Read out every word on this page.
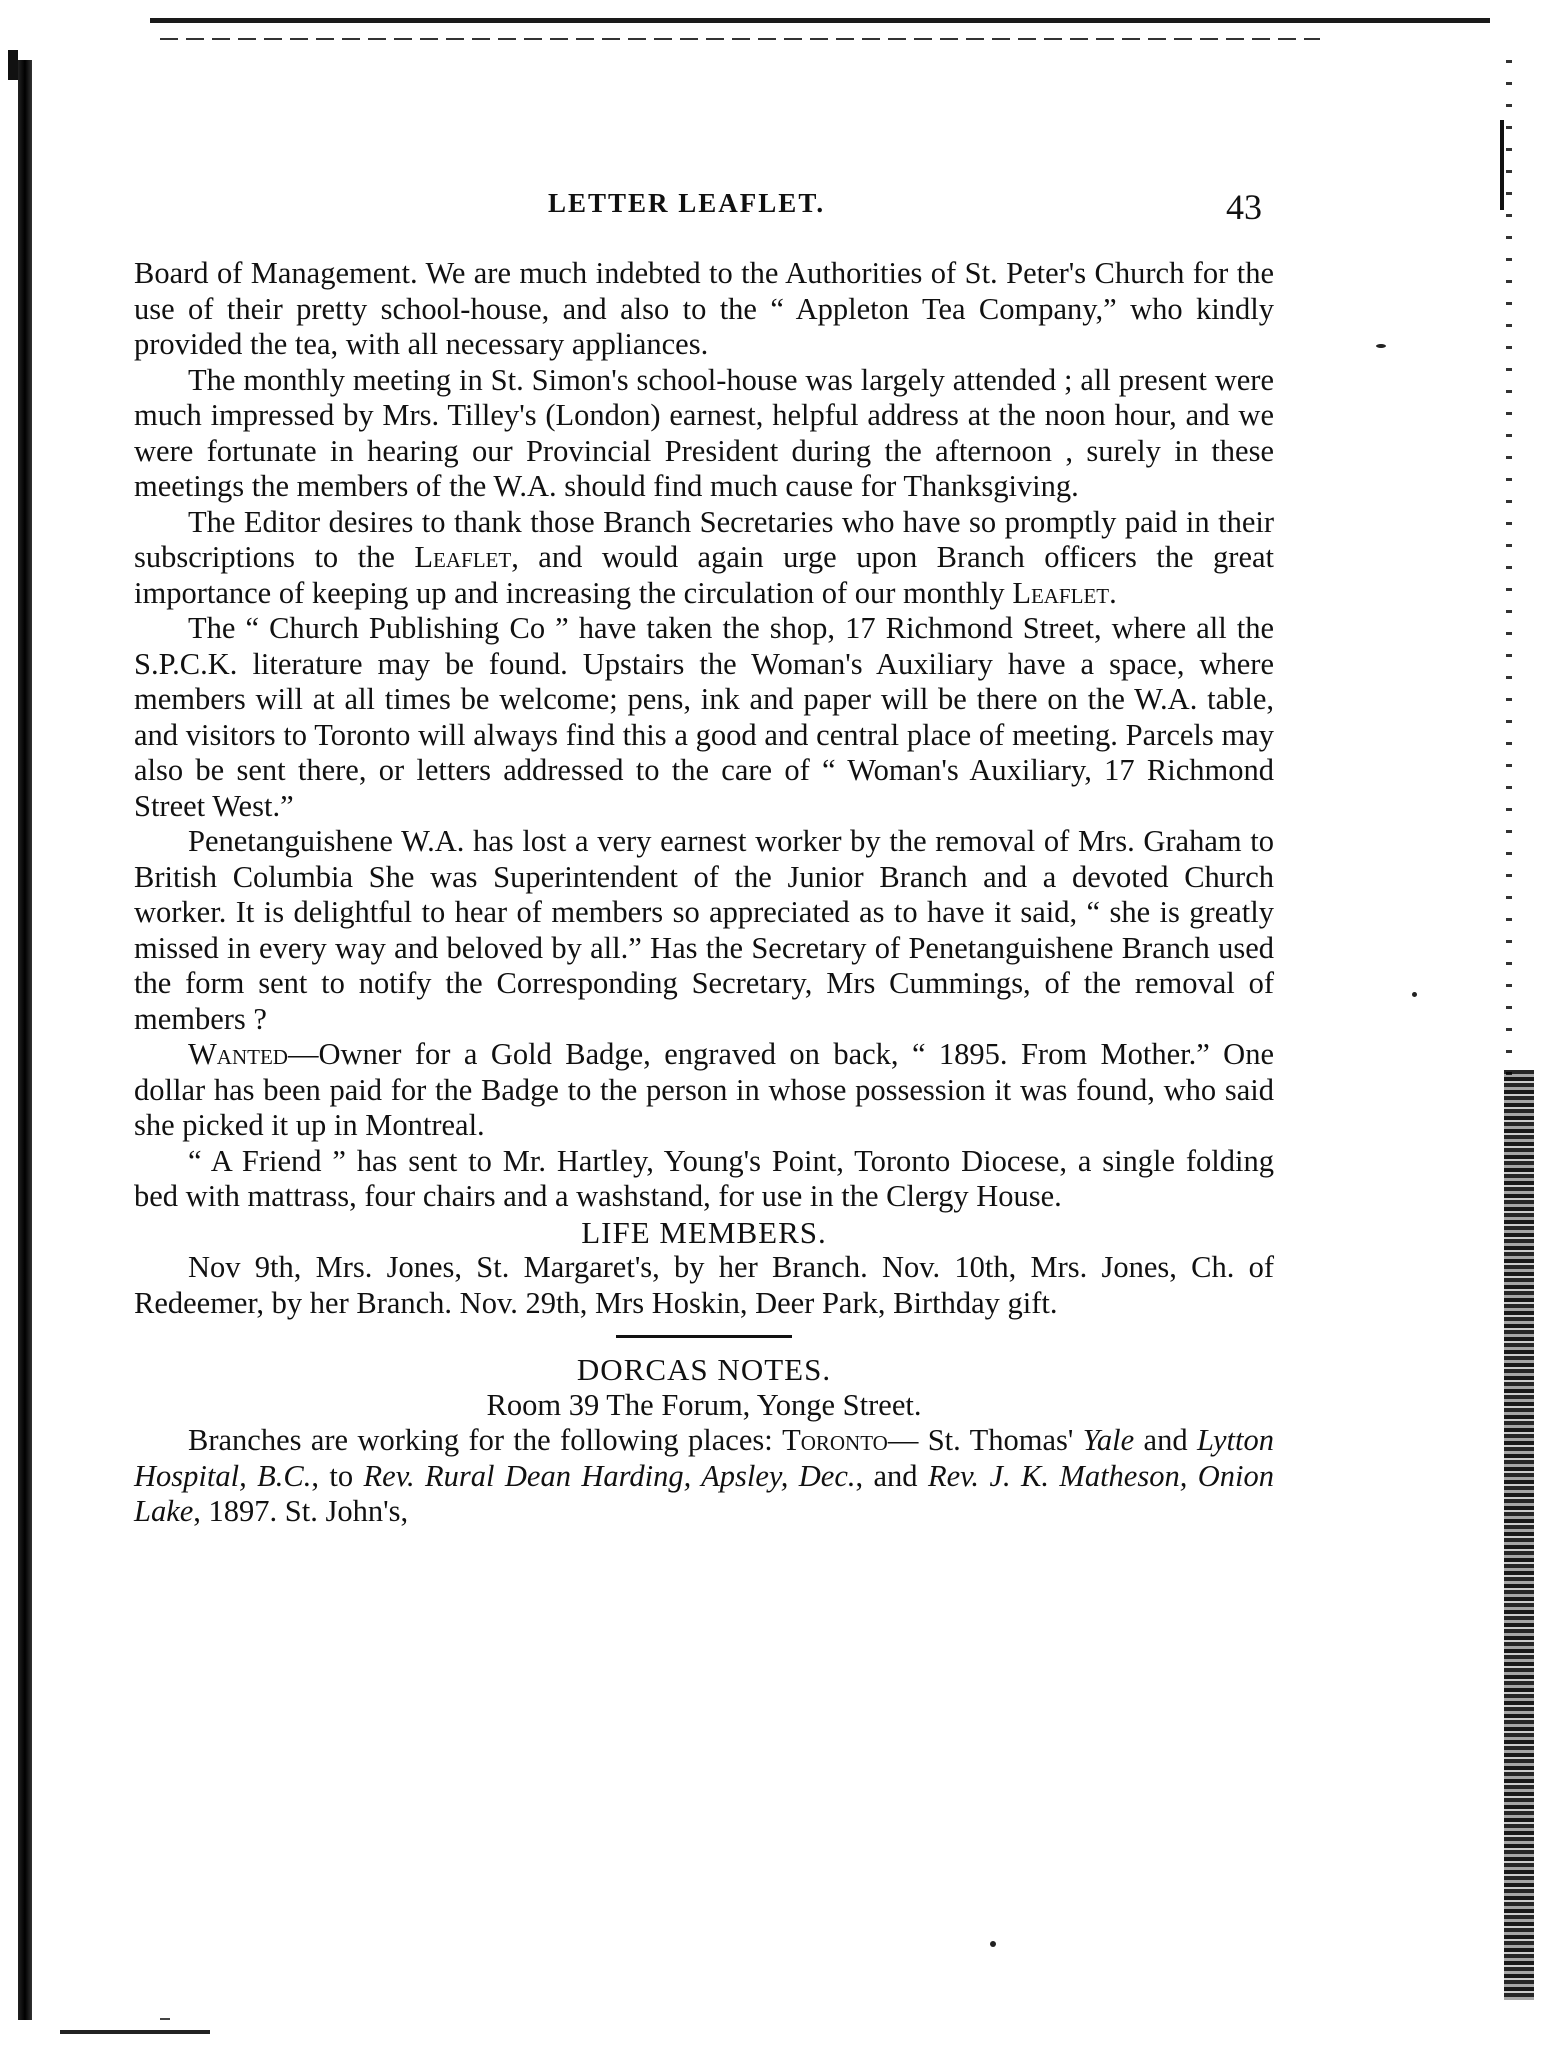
LETTER LEAFLET.	43

Board of Management. We are much indebted to the Authorities of St. Peter's Church for the use of their pretty school-house, and also to the “ Appleton Tea Company,” who kindly provided the tea, with all necessary appliances.

The monthly meeting in St. Simon's school-house was largely attended ; all present were much impressed by Mrs. Tilley's (London) earnest, helpful address at the noon hour, and we were fortunate in hearing our Provincial President during the afternoon , surely in these meetings the members of the W.A. should find much cause for Thanksgiving.

The Editor desires to thank those Branch Secretaries who have so promptly paid in their subscriptions to the Leaflet, and would again urge upon Branch officers the great importance of keeping up and increasing the circulation of our monthly Leaflet.

The “ Church Publishing Co ” have taken the shop, 17 Richmond Street, where all the S.P.C.K. literature may be found. Upstairs the Woman's Auxiliary have a space, where members will at all times be welcome; pens, ink and paper will be there on the W.A. table, and visitors to Toronto will always find this a good and central place of meeting. Parcels may also be sent there, or letters addressed to the care of “ Woman's Auxiliary, 17 Richmond Street West.”

Penetanguishene W.A. has lost a very earnest worker by the removal of Mrs. Graham to British Columbia She was Superintendent of the Junior Branch and a devoted Church worker. It is delightful to hear of members so appreciated as to have it said, “ she is greatly missed in every way and beloved by all.” Has the Secretary of Penetanguishene Branch used the form sent to notify the Corresponding Secretary, Mrs Cummings, of the removal of members ?

Wanted—Owner for a Gold Badge, engraved on back, “ 1895. From Mother.” One dollar has been paid for the Badge to the person in whose possession it was found, who said she picked it up in Montreal.

“ A Friend ” has sent to Mr. Hartley, Young's Point, Toronto Diocese, a single folding bed with mattrass, four chairs and a washstand, for use in the Clergy House.

LIFE MEMBERS.

Nov 9th, Mrs. Jones, St. Margaret's, by her Branch. Nov. 10th, Mrs. Jones, Ch. of Redeemer, by her Branch. Nov. 29th, Mrs Hoskin, Deer Park, Birthday gift.

DORCAS NOTES.

Room 39 The Forum, Yonge Street.

Branches are working for the following places: Toronto— St. Thomas' Yale and Lytton Hospital, B.C., to Rev. Rural Dean Harding, Apsley, Dec., and Rev. J. K. Matheson, Onion Lake, 1897. St. John's,
